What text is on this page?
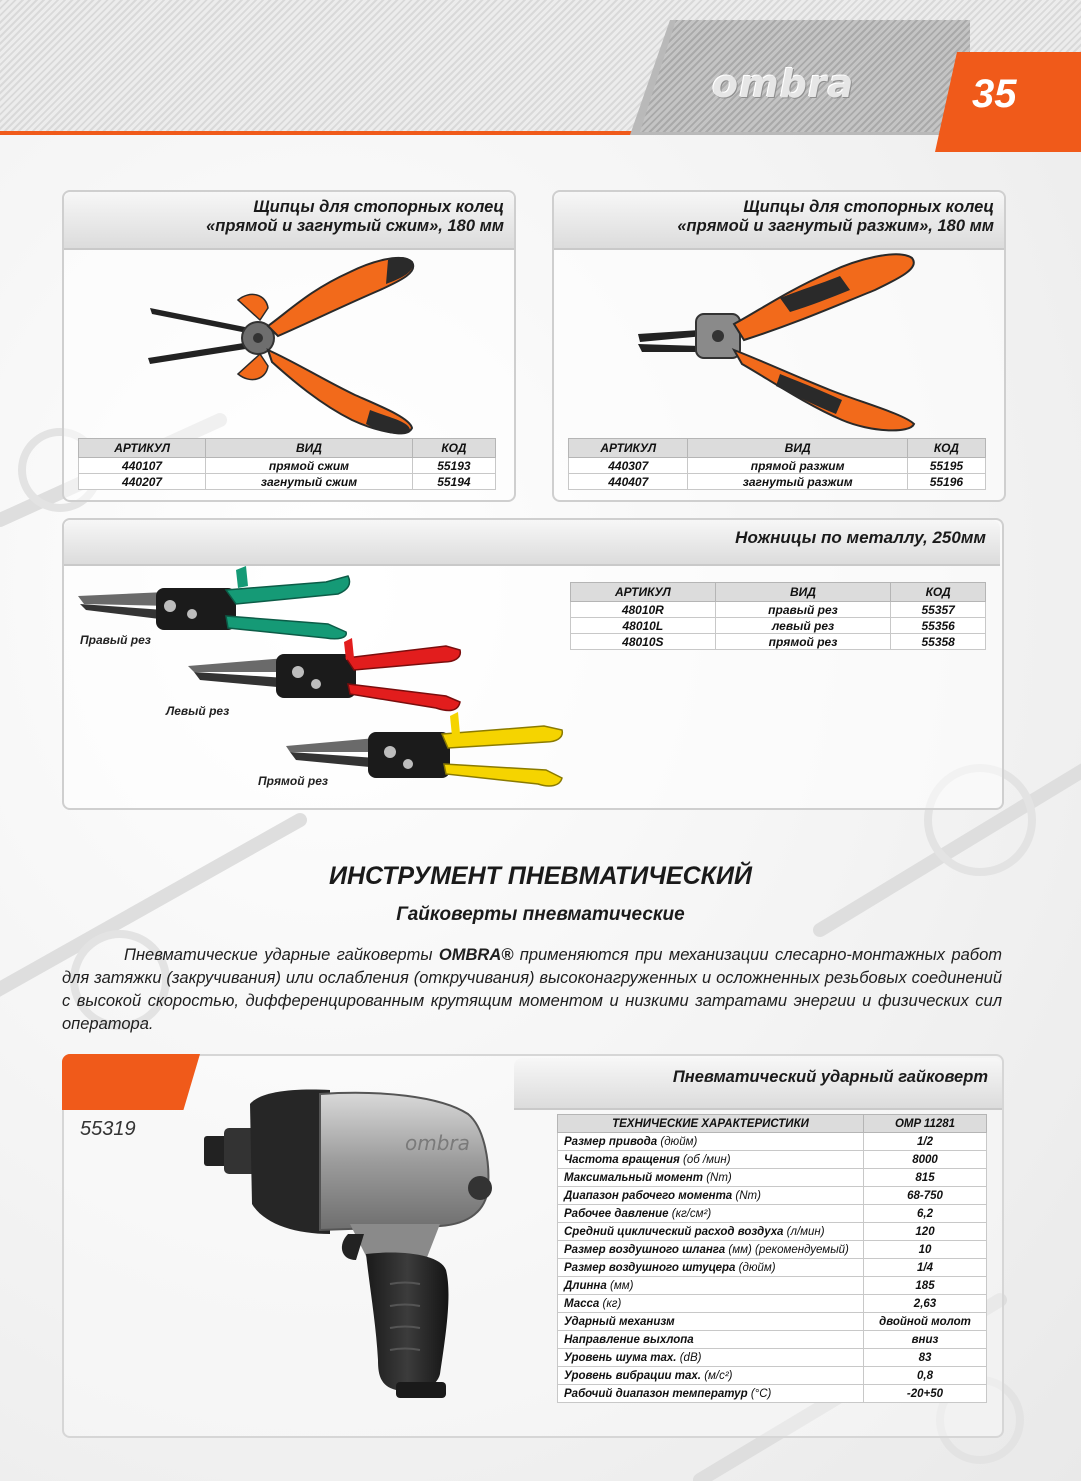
ombra	35
Щипцы для стопорных колец
«прямой и загнутый сжим», 180 мм
АРТИКУЛ	ВИД	КОД
440107	прямой сжим	55193
440207	загнутый сжим	55194
Щипцы для стопорных колец
«прямой и загнутый разжим», 180 мм
АРТИКУЛ	ВИД	КОД
440307	прямой разжим	55195
440407	загнутый разжим	55196
Ножницы по металлу, 250мм
Правый рез
Левый рез
Прямой рез
АРТИКУЛ	ВИД	КОД
48010R	правый рез	55357
48010L	левый рез	55356
48010S	прямой рез	55358
ИНСТРУМЕНТ ПНЕВМАТИЧЕСКИЙ
Гайковерты пневматические
Пневматические ударные гайковерты OMBRA® применяются при механизации слесарно-монтажных работ для затяжки (закручивания) или ослабления (откручивания) высоконагруженных и осложненных резьбовых соединений с высокой скоростью, дифференцированным крутящим моментом и низкими затратами энергии и физических сил оператора.
55319
Пневматический ударный гайковерт
ombra
ТЕХНИЧЕСКИЕ ХАРАКТЕРИСТИКИ	OMP 11281
Размер привода (дюйм)	1/2
Частота вращения (об /мин)	8000
Максимальный момент (Nm)	815
Диапазон рабочего момента (Nm)	68-750
Рабочее давление (кг/см²)	6,2
Средний циклический расход воздуха (л/мин)	120
Размер воздушного шланга (мм) (рекомендуемый)	10
Размер воздушного штуцера (дюйм)	1/4
Длинна (мм)	185
Масса (кг)	2,63
Ударный механизм	двойной молот
Направление выхлопа	вниз
Уровень шума max. (dB)	83
Уровень вибрации max. (м/с²)	0,8
Рабочий диапазон температур (°C)	-20+50
